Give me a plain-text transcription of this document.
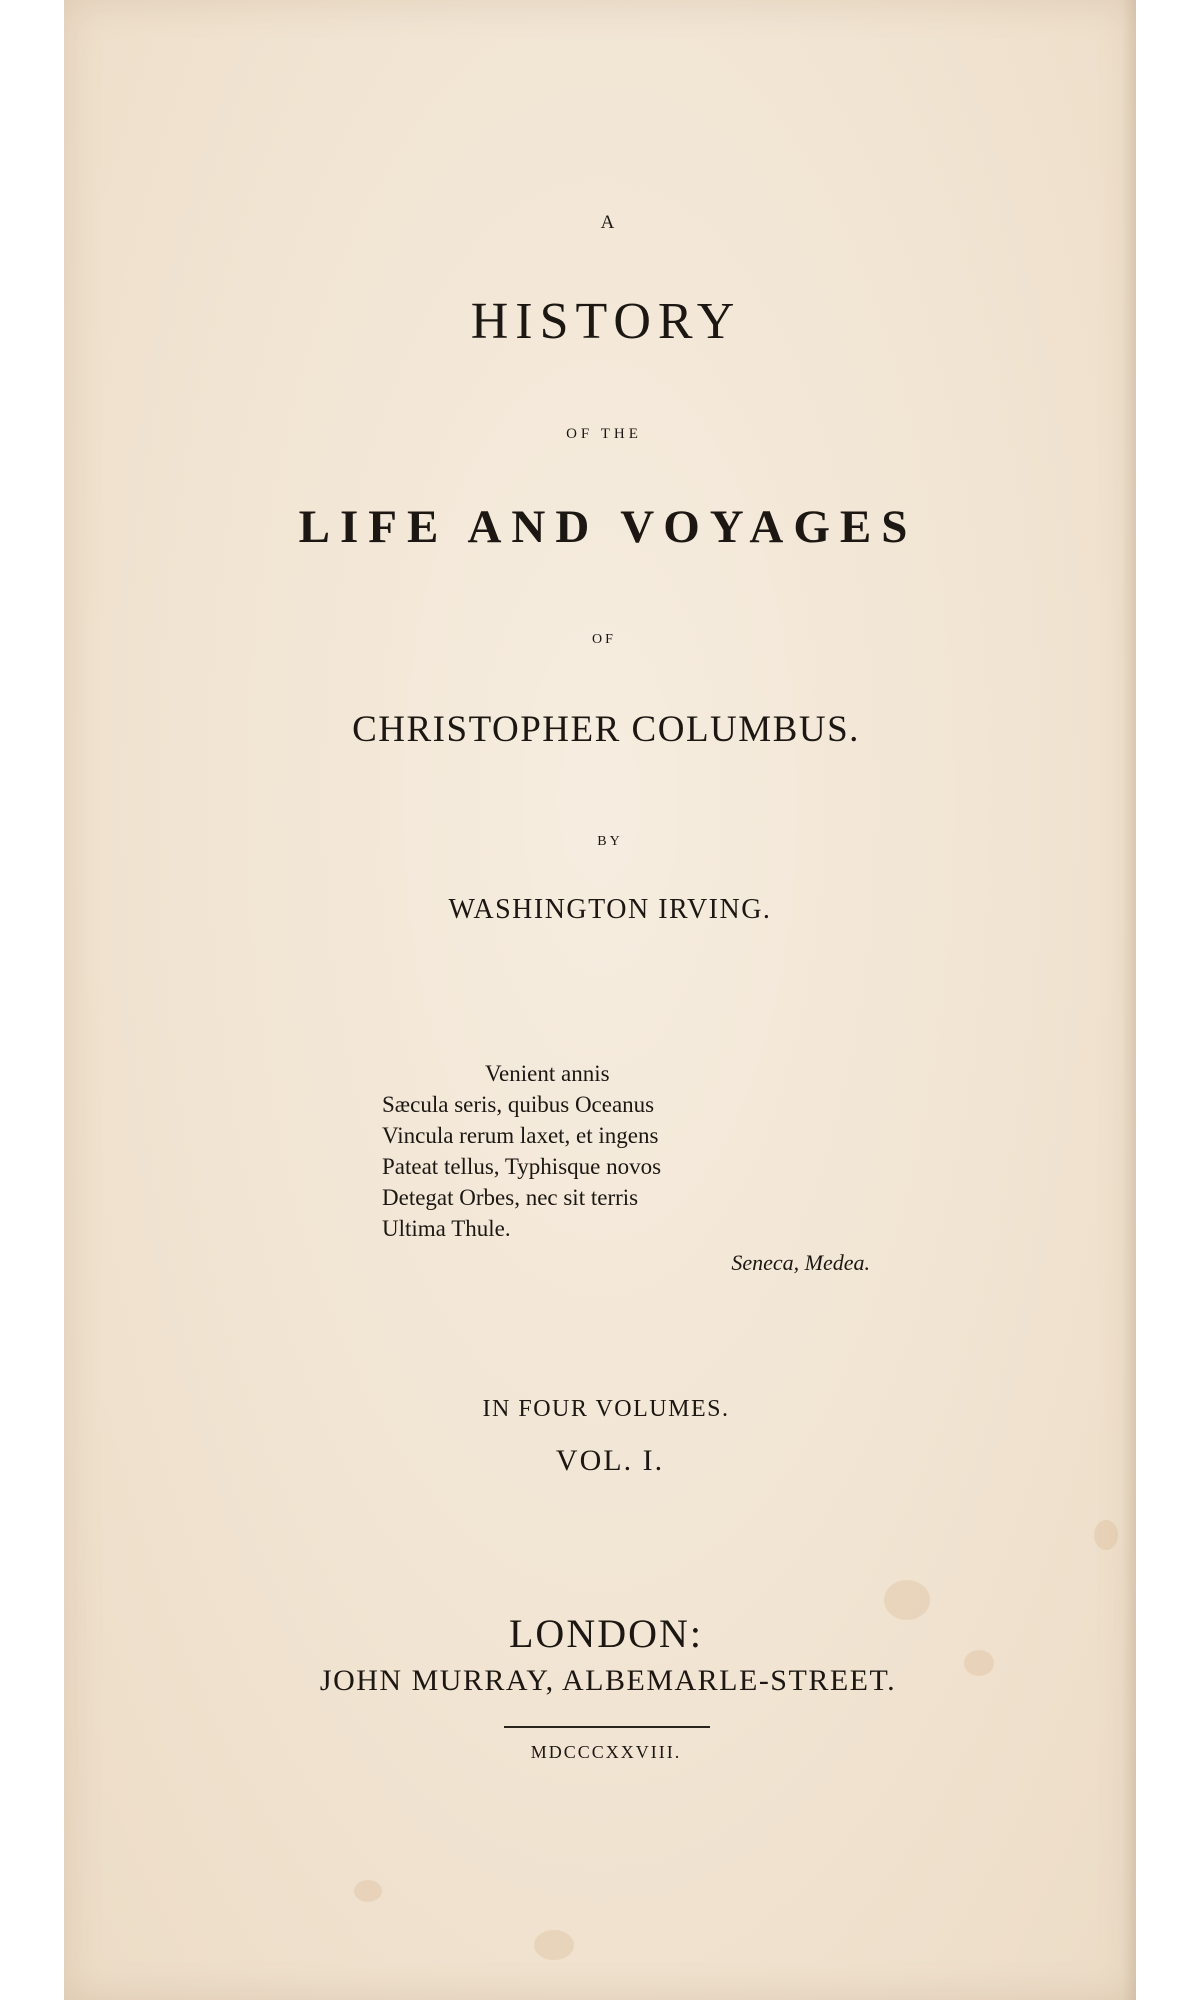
A
HISTORY
OF THE
LIFE AND VOYAGES
OF
CHRISTOPHER COLUMBUS.
BY
WASHINGTON IRVING.
Venient annis
Sæcula seris, quibus Oceanus
Vincula rerum laxet, et ingens
Pateat tellus, Typhisque novos
Detegat Orbes, nec sit terris
Ultima Thule.
Seneca, Medea.
IN FOUR VOLUMES.
VOL. I.
LONDON:
JOHN MURRAY, ALBEMARLE-STREET.
MDCCCXXVIII.
